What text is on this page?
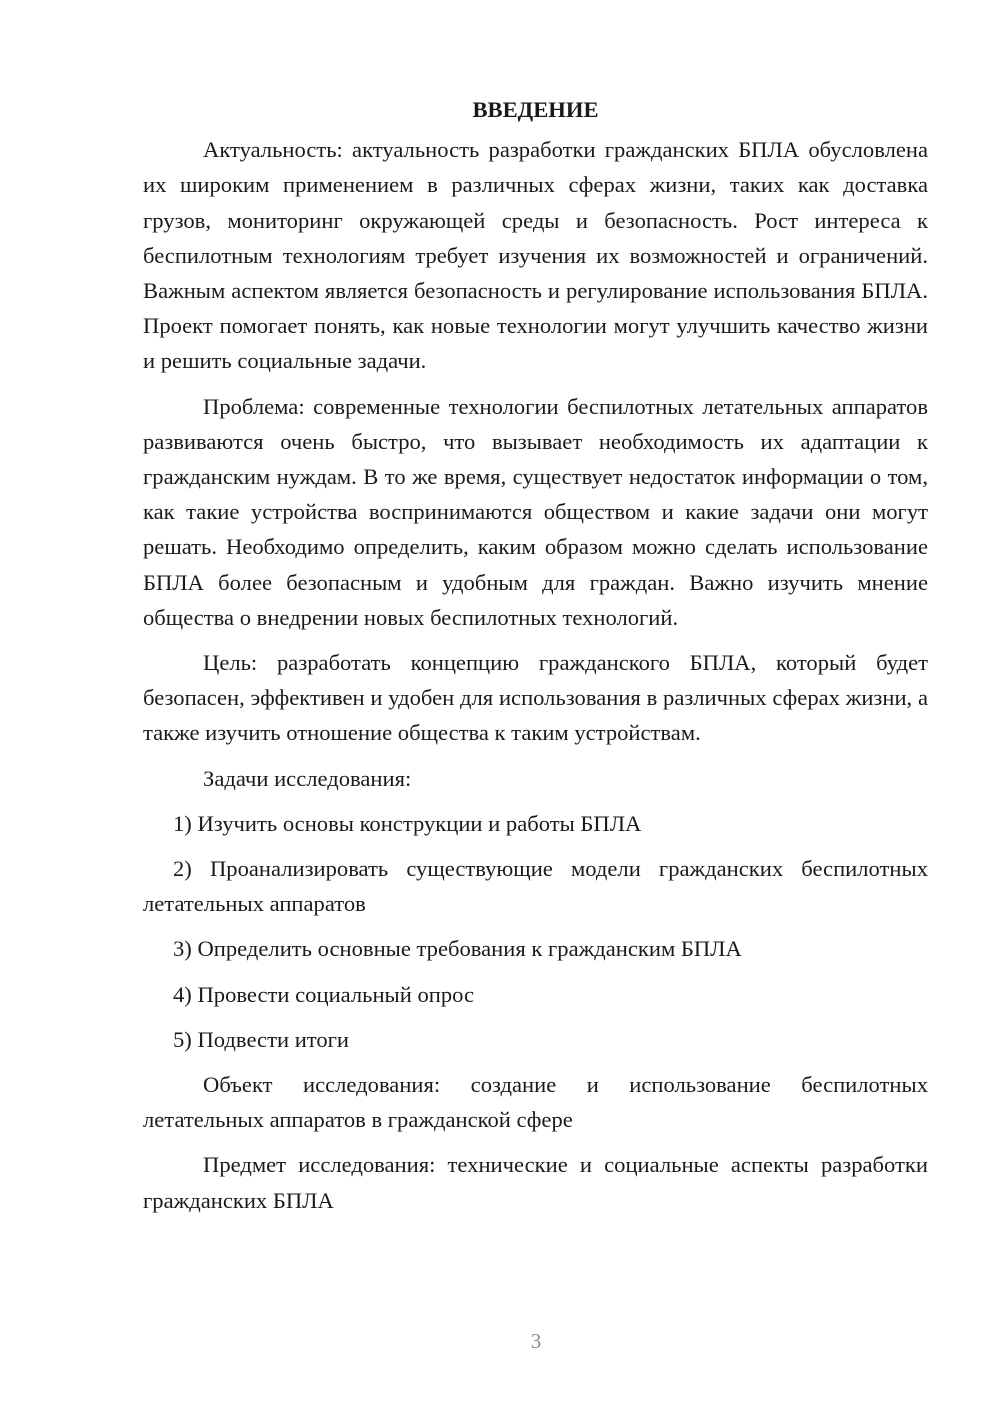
ВВЕДЕНИЕ

Актуальность: актуальность разработки гражданских БПЛА обусловлена их широким применением в различных сферах жизни, таких как доставка грузов, мониторинг окружающей среды и безопасность. Рост интереса к беспилотным технологиям требует изучения их возможностей и ограничений. Важным аспектом является безопасность и регулирование использования БПЛА. Проект помогает понять, как новые технологии могут улучшить качество жизни и решить социальные задачи.

Проблема: современные технологии беспилотных летательных аппаратов развиваются очень быстро, что вызывает необходимость их адаптации к гражданским нуждам. В то же время, существует недостаток информации о том, как такие устройства воспринимаются обществом и какие задачи они могут решать. Необходимо определить, каким образом можно сделать использование БПЛА более безопасным и удобным для граждан. Важно изучить мнение общества о внедрении новых беспилотных технологий.

Цель: разработать концепцию гражданского БПЛА, который будет безопасен, эффективен и удобен для использования в различных сферах жизни, а также изучить отношение общества к таким устройствам.

Задачи исследования:

1) Изучить основы конструкции и работы БПЛА

2) Проанализировать существующие модели гражданских беспилотных летательных аппаратов

3) Определить основные требования к гражданским БПЛА

4) Провести социальный опрос

5) Подвести итоги

Объект исследования: создание и использование беспилотных летательных аппаратов в гражданской сфере

Предмет исследования: технические и социальные аспекты разработки гражданских БПЛА

3
